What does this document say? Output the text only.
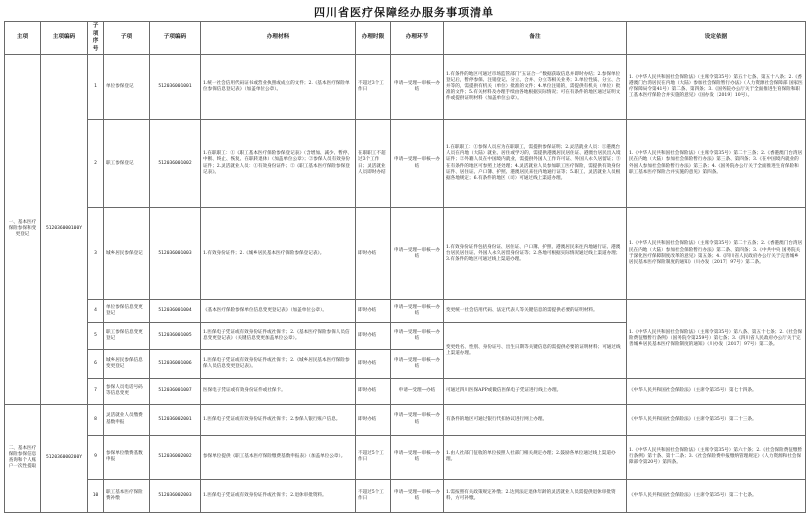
四川省医疗保障经办服务事项清单
主项	主项编码	子项序号	子项	子项编码	办理材料	办理时限	办理环节	备注	设定依据
一、基本医疗保险参保和变更登记	512036000100Y	1	单位参保登记	512036001001	1.统一社会信用代码证书或营业执照或成立的文件；2.《基本医疗保险单位参保信息登记表》（加盖单位公章）。	不超过3个工作日	申请—受理—审核—办结	1.有条件的地区可通过市场监管部门“五证合一”数据获取信息并即时办结；2.参保单位登记后，暂停参保、注销登记、分立、合并、分立等相关业务；3.单位性质、分立、合并等的，需提供有机关（单位）批准的文件；4.单位注销的，需提供有机关（单位）批准的文件；5.有关材料及办理手续由各地根据实际情况；可在有条件的地区通过证明文件或提供证明材料（加盖单位公章）。	1.《中华人民共和国社会保险法》（主席令第35号）第五十七条、第五十八条；2.《香港澳门台湾居民在内地（大陆）参加社会保险暂行办法》（人力资源社会保障部 国家医疗保障局令第41号）第二条、第四条；3.《国务院办公厅关于全面推进生育保险和职工基本医疗保险合并实施的意见》（国办发〔2019〕10号）。
		2	职工参保登记	512036001002	1.在职职工：①《职工基本医疗保险参保登记表》（含增加、减少、暂停、中断、终止、恢复、在职转退休）（加盖单位公章）；②参保人员有效身份证件；2.灵活就业人员：①有效身份证件；②《职工基本医疗保险参保登记表》。	在职职工不超过3个工作日；灵活就业人员即时办结	申请—受理—审核—办结	1.在职职工：①参保人员应为在职职工，需提供参保证明；2.灵活就业人员：①港澳台人员在内地（大陆）就业、居住或学习的，需提供港澳居民居住证、港澳台居民出入境证件；②外籍人员在中国境内就业，需提供外国人工作许可证、外国人永久居留证；③在有条件的地区可参照上述处理；4.灵活就业人员参加职工医疗保险，需提供有效身份证件、居住证、户口簿、护照、港澳居民来往内地通行证等；5.职工、灵活就业人员根据各地规定；6.有条件的地区（司）可通过线上渠道办理。	1.《中华人民共和国社会保险法》（主席令第35号）第二十三条；2.《香港澳门台湾居民在内地（大陆）参加社会保险暂行办法》第三条、第四条；3.《在中国境内就业的外国人参加社会保险暂行办法》第三条；4.《国务院办公厅关于全面推进生育保险和职工基本医疗保险合并实施的意见》第四条。
		3	城乡居民参保登记	512036001003	1.有效身份证件；2.《城乡居民基本医疗保险参保登记表》。	即时办结	申请—受理—审核—办结	1.有效身份证件包括身份证、居住证、户口簿、护照、港澳居民来往内地通行证、港澳台居民居住证、外国人永久居留身份证等；2.各地可根据实际情况通过线上渠道办理；3.有条件的地区可通过线上渠道办理。	1.《中华人民共和国社会保险法》（主席令第35号）第二十五条；2.《香港澳门台湾居民在内地（大陆）参加社会保险暂行办法》第二条、第四条；3.《中共中央 国务院关于深化医疗保障制度改革的意见》第五条；4.《四川省人民政府办公厅关于完善城乡居民基本医疗保险制度的通知》（川办发〔2017〕97号）第二条。
		4	单位参保信息变更登记	512036001004	《基本医疗保险参保单位信息变更登记表》（加盖单位公章）。	即时办结	申请—受理—审核—办结	变更统一社会信用代码、法定代表人等关键信息的需提供必要的证明材料。	1.《中华人民共和国社会保险法》（主席令第35号）第八条、第五十七条；2.《社会保险费征缴暂行条例》（国务院令第259号）第七条；3.《四川省人民政府办公厅关于完善城乡居民基本医疗保险制度的通知》（川办发〔2017〕97号）第二条。
		5	职工参保信息变更登记	512036001005	1.医保电子凭证或有效身份证件或社保卡；2.《基本医疗保险参保人员信息变更登记表》（关键信息变更加盖单位公章）。	即时办结	申请—受理—审核—办结	变更姓名、性别、身份证号、出生日期等关键信息的需提供必要的证明材料；可通过线上渠道办理。	
		6	城乡居民参保信息变更登记	512036001006	1.医保电子凭证或有效身份证件或社保卡；2.《城乡居民基本医疗保险参保人员信息变更登记表》。	即时办结	申请—受理—审核—办结		
		7	参保人员电话号码等信息变更	512036001007	医保电子凭证或有效身份证件或社保卡。	即时办结	申请—受理—办结	可通过四川医保APP或微信医保电子凭证进行线上办理。	《中华人民共和国社会保险法》（主席令第35号）第七十四条。
二、基本医疗保险参保信息查询和个人账户一次性提取	512036000200Y	8	灵活就业人员缴费基数申报	512036002001	1.医保电子凭证或有效身份证件或社保卡；2.参保人银行账户信息。	即时办结	申请—受理—审核—办结	有条件的地区可通过银行代扣协议进行网上办理。	《中华人民共和国社会保险法》（主席令第35号）第二十三条。
		9	参保单位缴费基数申报	512036002002	参保单位提供《职工基本医疗保险缴费基数申报表》（加盖单位公章）。	不超过5个工作日	申请—受理—审核—办结	1.由人社部门征收的单位按照人社部门相关规定办理；2.鼓励各单位通过线上渠道办理。	1.《中华人民共和国社会保险法》（主席令第35号）第六十条；2.《社会保险费征缴暂行条例》第十条、第十二条；3.《社会保险费申报缴纳管理规定》（人力资源和社会保障部令第20号）第四条。
		10	职工基本医疗保险费补缴	512036002003	1.医保电子凭证或有效身份证件或社保卡；2.退休审批资料。	不超过5个工作日	申请—受理—审核—办结	1.需按照有关政策规定补缴；2.达到法定退休年龄的灵活就业人员需提供退休审批资料，方可补缴。	《中华人民共和国社会保险法》（主席令第35号）第二十七条。
